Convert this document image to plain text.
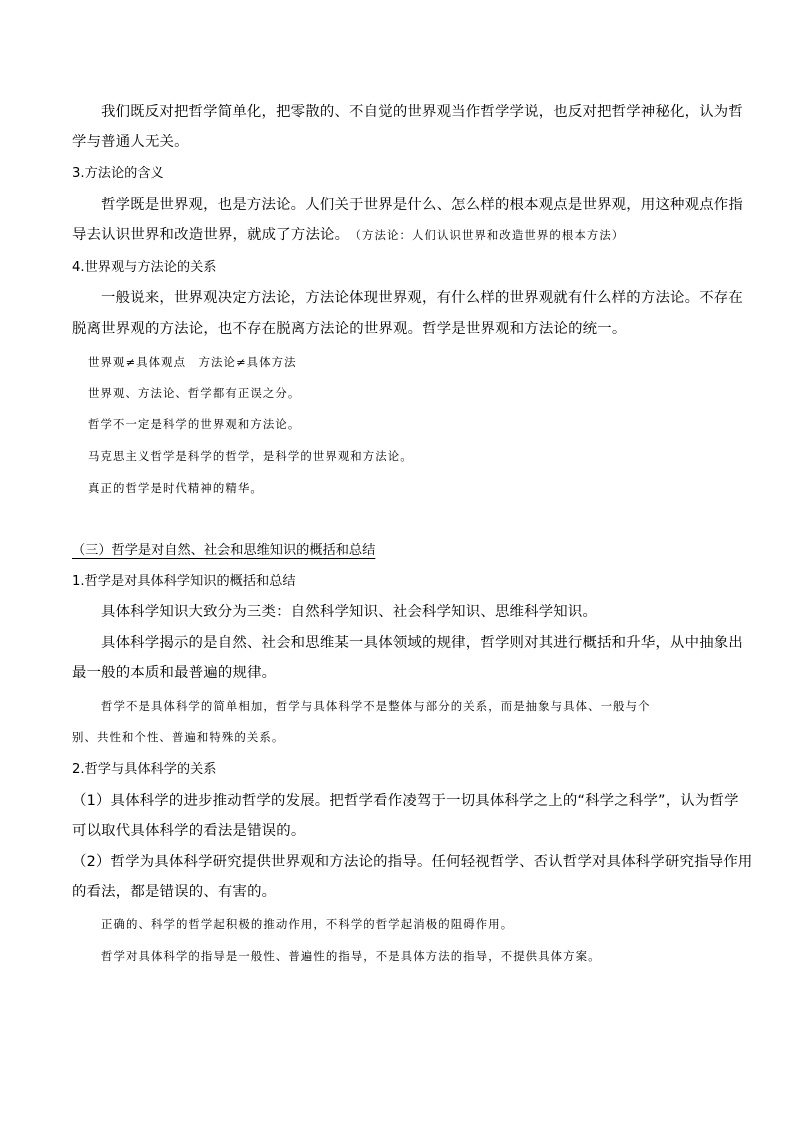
我们既反对把哲学简单化，把零散的、不自觉的世界观当作哲学学说，也反对把哲学神秘化，认为哲
学与普通人无关。
3.方法论的含义
哲学既是世界观，也是方法论。人们关于世界是什么、怎么样的根本观点是世界观，用这种观点作指
导去认识世界和改造世界，就成了方法论。 （方法论：人们认识世界和改造世界的根本方法）
4.世界观与方法论的关系
一般说来，世界观决定方法论，方法论体现世界观，有什么样的世界观就有什么样的方法论。不存在
脱离世界观的方法论，也不存在脱离方法论的世界观。哲学是世界观和方法论的统一。
世界观≠具体观点　方法论≠具体方法
世界观、方法论、哲学都有正误之分。
哲学不一定是科学的世界观和方法论。
马克思主义哲学是科学的哲学，是科学的世界观和方法论。
真正的哲学是时代精神的精华。
（三）哲学是对自然、社会和思维知识的概括和总结
1.哲学是对具体科学知识的概括和总结
具体科学知识大致分为三类：自然科学知识、社会科学知识、思维科学知识。
具体科学揭示的是自然、社会和思维某一具体领域的规律，哲学则对其进行概括和升华，从中抽象出
最一般的本质和最普遍的规律。
哲学不是具体科学的简单相加，哲学与具体科学不是整体与部分的关系，而是抽象与具体、一般与个
别、共性和个性、普遍和特殊的关系。
2.哲学与具体科学的关系
（1）具体科学的进步推动哲学的发展。把哲学看作凌驾于一切具体科学之上的“科学之科学”，认为哲学
可以取代具体科学的看法是错误的。
（2）哲学为具体科学研究提供世界观和方法论的指导。任何轻视哲学、否认哲学对具体科学研究指导作用
的看法，都是错误的、有害的。
正确的、科学的哲学起积极的推动作用，不科学的哲学起消极的阻碍作用。
哲学对具体科学的指导是一般性、普遍性的指导，不是具体方法的指导，不提供具体方案。
